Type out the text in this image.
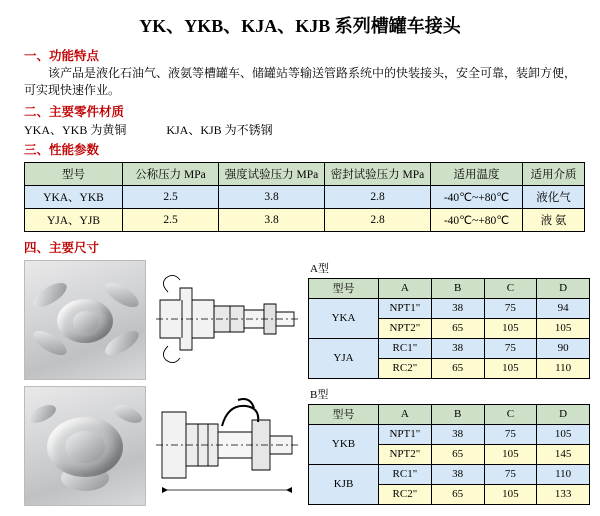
YK、YKB、KJA、KJB 系列槽罐车接头
一、功能特点
该产品是液化石油气、液氨等槽罐车、储罐站等输送管路系统中的快装接头，安全可靠，装卸方便，可实现快速作业。
二、主要零件材质
YKA、YKB 为黄铜	KJA、KJB 为不锈钢
三、性能参数
型号	公称压力 MPa	强度试验压力 MPa	密封试验压力 MPa	适用温度	适用介质
YKA、YKB	2.5	3.8	2.8	-40℃~+80℃	液化气
YJA、YJB	2.5	3.8	2.8	-40℃~+80℃	液 氨
四、主要尺寸
A型
型号	A	B	C	D
YKA	NPT1"	38	75	94
	NPT2"	65	105	105
YJA	RC1"	38	75	90
	RC2"	65	105	110
B型
型号	A	B	C	D
YKB	NPT1"	38	75	105
	NPT2"	65	105	145
KJB	RC1"	38	75	110
	RC2"	65	105	133
